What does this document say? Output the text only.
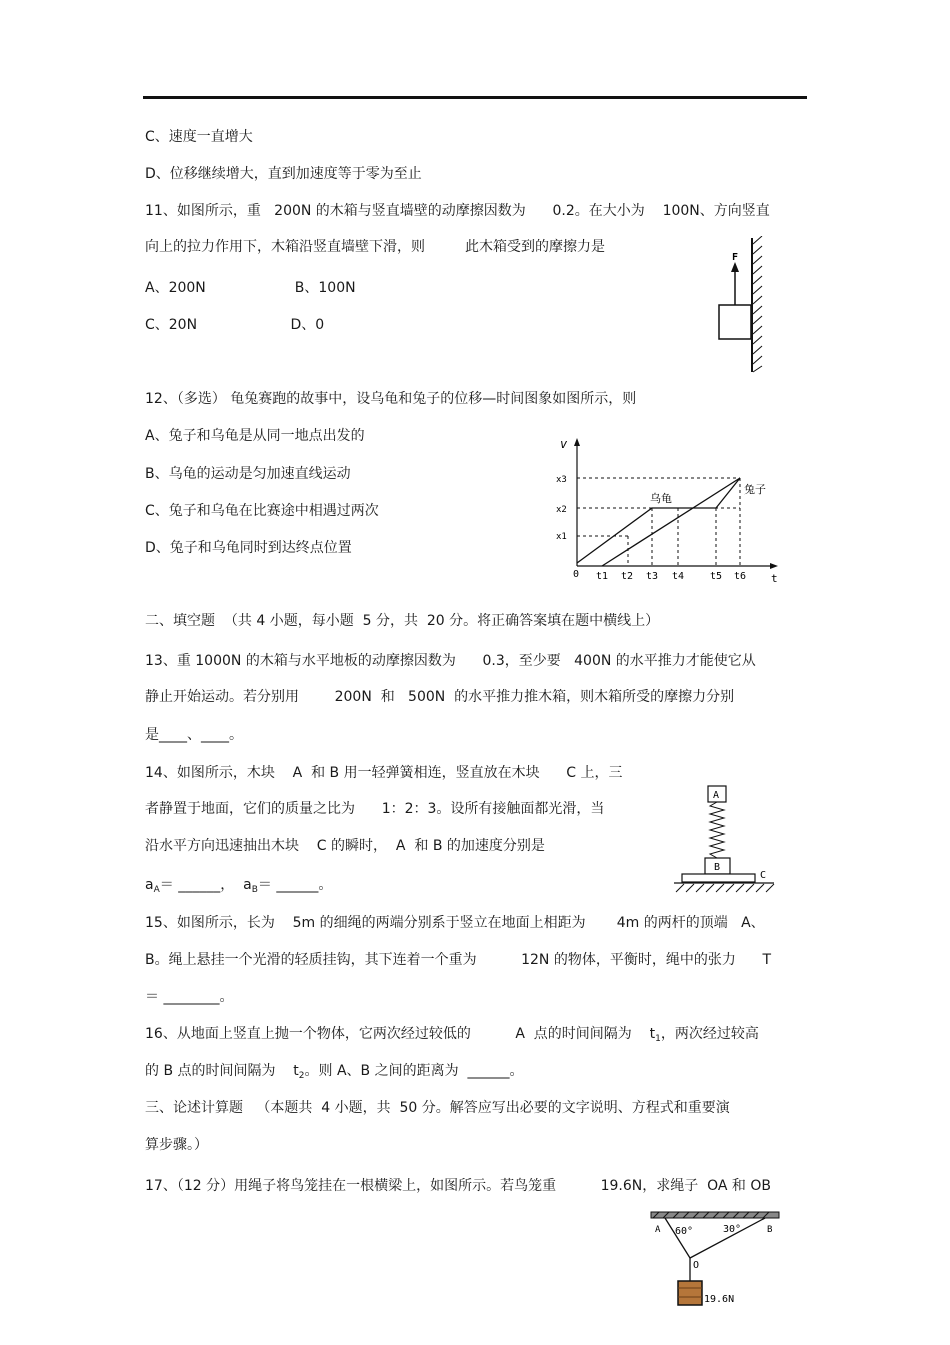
C、速度一直增大
D、位移继续增大，直到加速度等于零为至止
11、如图所示，重   200N 的木箱与竖直墙壁的动摩擦因数为      0.2。在大小为    100N、方向竖直
向上的拉力作用下，木箱沿竖直墙壁下滑，则         此木箱受到的摩擦力是
A、200N                    B、100N
C、20N                     D、0
F
12、（多选） 龟兔赛跑的故事中，设乌龟和兔子的位移—时间图象如图所示，则
A、兔子和乌龟是从同一地点出发的
B、乌龟的运动是匀加速直线运动
C、兔子和乌龟在比赛途中相遇过两次
D、兔子和乌龟同时到达终点位置
v
t
0
x1
x2
x3
乌龟
兔子
t1 t2 t3 t4	t5 t6
二、填空题  （共 4 小题，每小题  5 分，共  20 分。将正确答案填在题中横线上）
13、重 1000N 的木箱与水平地板的动摩擦因数为      0.3，至少要   400N 的水平推力才能使它从
静止开始运动。若分别用        200N  和   500N  的水平推力推木箱，则木箱所受的摩擦力分别
是____、____。
14、如图所示，木块    A  和 B 用一轻弹簧相连，竖直放在木块      C 上，三
者静置于地面，它们的质量之比为      1：2：3。设所有接触面都光滑，当
沿水平方向迅速抽出木块    C 的瞬时，  A  和 B 的加速度分别是
$a_A=$ ______，  $a_B=$ ______。
A
B
C
15、如图所示，长为    5m 的细绳的两端分别系于竖立在地面上相距为       4m 的两杆的顶端   A、
B。绳上悬挂一个光滑的轻质挂钩，其下连着一个重为          12N 的物体，平衡时，绳中的张力      T
＝ ________。
16、从地面上竖直上抛一个物体，它两次经过较低的          A  点的时间间隔为    $t_1$，两次经过较高
的 B 点的时间间隔为    $t_2$。则 A、B 之间的距离为  ______。
三、论述计算题   （本题共  4 小题，共  50 分。解答应写出必要的文字说明、方程式和重要演
算步骤。）
17、（12 分）用绳子将鸟笼挂在一根横梁上，如图所示。若鸟笼重          19.6N，求绳子  OA 和 OB
A	B
O
60°	30°
19.6N
